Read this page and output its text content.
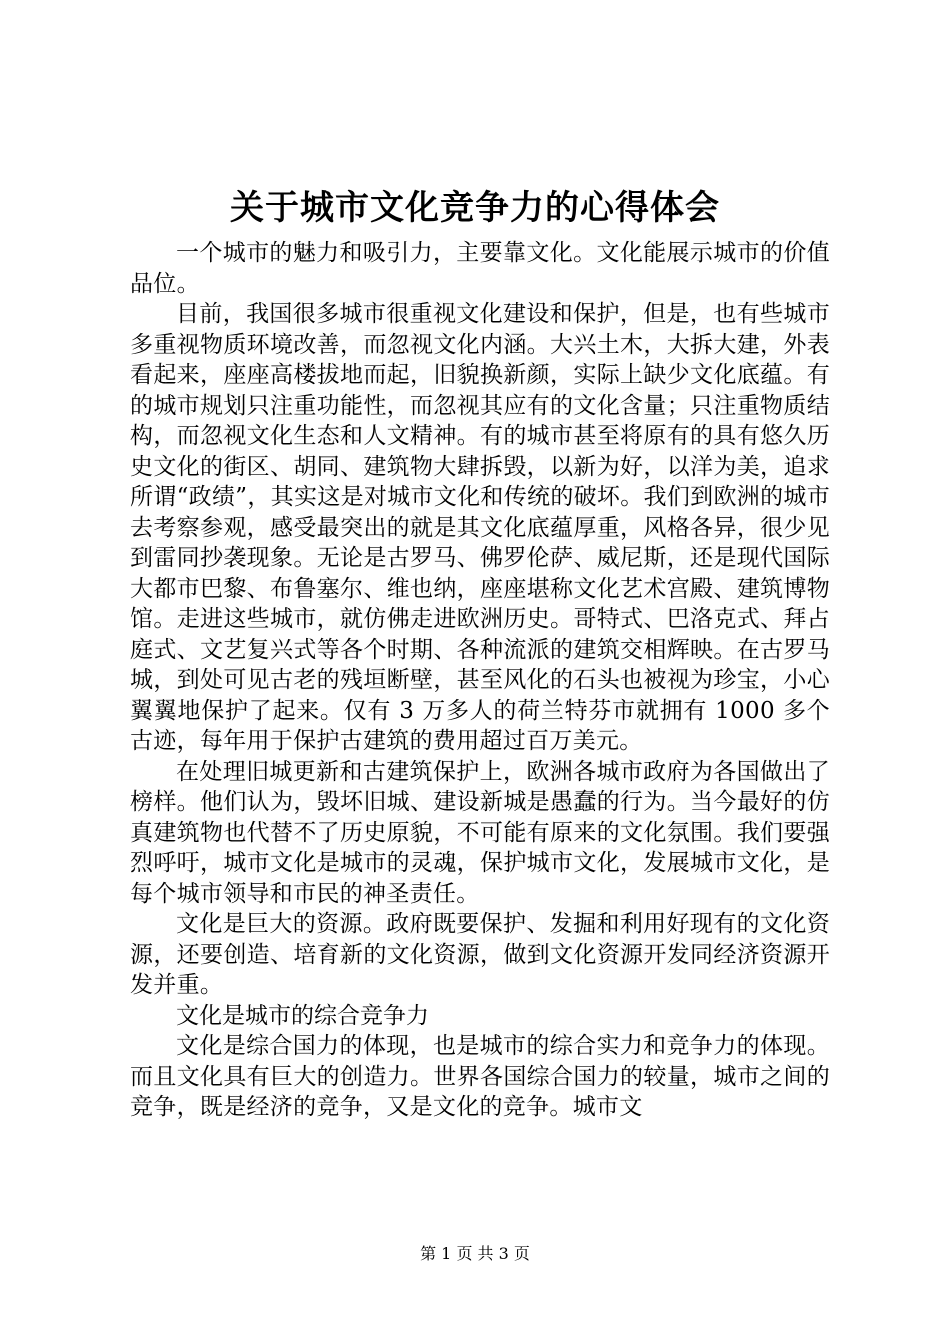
关于城市文化竞争力的心得体会

一个城市的魅力和吸引力，主要靠文化。文化能展示城市的价值品位。

目前，我国很多城市很重视文化建设和保护，但是，也有些城市多重视物质环境改善，而忽视文化内涵。大兴土木，大拆大建，外表看起来，座座高楼拔地而起，旧貌换新颜，实际上缺少文化底蕴。有的城市规划只注重功能性，而忽视其应有的文化含量；只注重物质结构，而忽视文化生态和人文精神。有的城市甚至将原有的具有悠久历史文化的街区、胡同、建筑物大肆拆毁，以新为好，以洋为美，追求所谓“政绩”，其实这是对城市文化和传统的破坏。我们到欧洲的城市去考察参观，感受最突出的就是其文化底蕴厚重，风格各异，很少见到雷同抄袭现象。无论是古罗马、佛罗伦萨、威尼斯，还是现代国际大都市巴黎、布鲁塞尔、维也纳，座座堪称文化艺术宫殿、建筑博物馆。走进这些城市，就仿佛走进欧洲历史。哥特式、巴洛克式、拜占庭式、文艺复兴式等各个时期、各种流派的建筑交相辉映。在古罗马城，到处可见古老的残垣断壁，甚至风化的石头也被视为珍宝，小心翼翼地保护了起来。仅有 3 万多人的荷兰特芬市就拥有 1000 多个古迹，每年用于保护古建筑的费用超过百万美元。

在处理旧城更新和古建筑保护上，欧洲各城市政府为各国做出了榜样。他们认为，毁坏旧城、建设新城是愚蠢的行为。当今最好的仿真建筑物也代替不了历史原貌，不可能有原来的文化氛围。我们要强烈呼吁，城市文化是城市的灵魂，保护城市文化，发展城市文化，是每个城市领导和市民的神圣责任。

文化是巨大的资源。政府既要保护、发掘和利用好现有的文化资源，还要创造、培育新的文化资源，做到文化资源开发同经济资源开发并重。

文化是城市的综合竞争力

文化是综合国力的体现，也是城市的综合实力和竞争力的体现。而且文化具有巨大的创造力。世界各国综合国力的较量，城市之间的竞争，既是经济的竞争，又是文化的竞争。城市文

第 1 页 共 3 页
